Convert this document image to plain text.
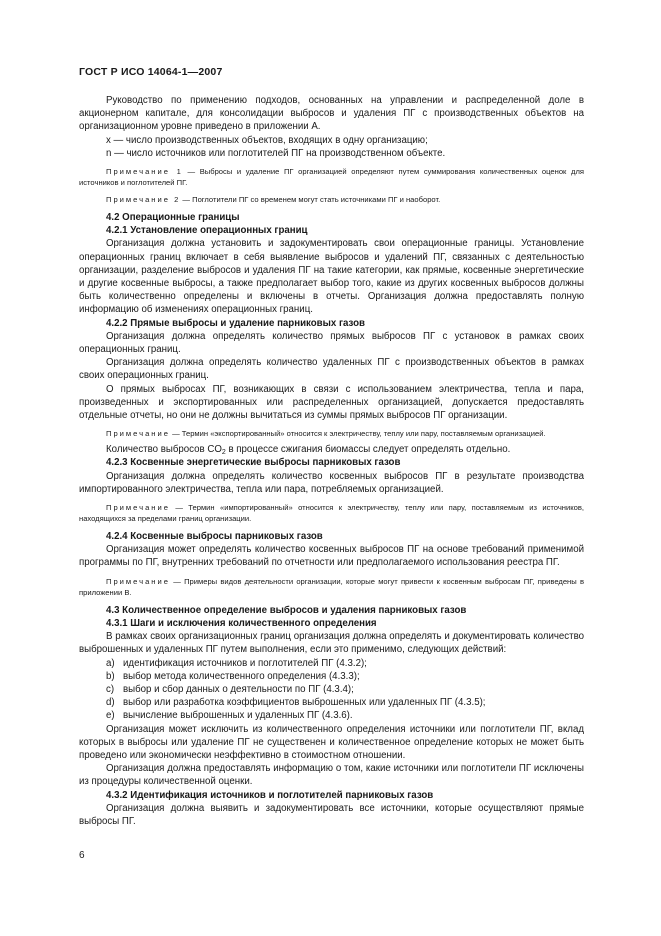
ГОСТ Р ИСО 14064-1—2007

Руководство по применению подходов, основанных на управлении и распределенной доле в акционерном капитале, для консолидации выбросов и удаления ПГ с производственных объектов на организационном уровне приведено в приложении А.

x — число производственных объектов, входящих в одну организацию;

n — число источников или поглотителей ПГ на производственном объекте.

Примечание 1 — Выбросы и удаление ПГ организацией определяют путем суммирования количественных оценок для источников и поглотителей ПГ.

Примечание 2 — Поглотители ПГ со временем могут стать источниками ПГ и наоборот.

4.2 Операционные границы

4.2.1 Установление операционных границ

Организация должна установить и задокументировать свои операционные границы. Установление операционных границ включает в себя выявление выбросов и удалений ПГ, связанных с деятельностью организации, разделение выбросов и удаления ПГ на такие категории, как прямые, косвенные энергетические и другие косвенные выбросы, а также предполагает выбор того, какие из других косвенных выбросов должны быть количественно определены и включены в отчеты. Организация должна предоставлять полную информацию об изменениях операционных границ.

4.2.2 Прямые выбросы и удаление парниковых газов

Организация должна определять количество прямых выбросов ПГ с установок в рамках своих операционных границ.

Организация должна определять количество удаленных ПГ с производственных объектов в рамках своих операционных границ.

О прямых выбросах ПГ, возникающих в связи с использованием электричества, тепла и пара, произведенных и экспортированных или распределенных организацией, допускается предоставлять отдельные отчеты, но они не должны вычитаться из суммы прямых выбросов ПГ организации.

Примечание — Термин «экспортированный» относится к электричеству, теплу или пару, поставляемым организацией.

Количество выбросов $CO_2$ в процессе сжигания биомассы следует определять отдельно.

4.2.3 Косвенные энергетические выбросы парниковых газов

Организация должна определять количество косвенных выбросов ПГ в результате производства импортированного электричества, тепла или пара, потребляемых организацией.

Примечание — Термин «импортированный» относится к электричеству, теплу или пару, поставляемым из источников, находящихся за пределами границ организации.

4.2.4 Косвенные выбросы парниковых газов

Организация может определять количество косвенных выбросов ПГ на основе требований применимой программы по ПГ, внутренних требований по отчетности или предполагаемого использования реестра ПГ.

Примечание — Примеры видов деятельности организации, которые могут привести к косвенным выбросам ПГ, приведены в приложении В.

4.3 Количественное определение выбросов и удаления парниковых газов

4.3.1 Шаги и исключения количественного определения

В рамках своих организационных границ организация должна определять и документировать количество выброшенных и удаленных ПГ путем выполнения, если это применимо, следующих действий:

a) идентификация источников и поглотителей ПГ (4.3.2);

b) выбор метода количественного определения (4.3.3);

c) выбор и сбор данных о деятельности по ПГ (4.3.4);

d) выбор или разработка коэффициентов выброшенных или удаленных ПГ (4.3.5);

e) вычисление выброшенных и удаленных ПГ (4.3.6).

Организация может исключить из количественного определения источники или поглотители ПГ, вклад которых в выбросы или удаление ПГ не существенен и количественное определение которых не может быть проведено или экономически неэффективно в стоимостном отношении.

Организация должна предоставлять информацию о том, какие источники или поглотители ПГ исключены из процедуры количественной оценки.

4.3.2 Идентификация источников и поглотителей парниковых газов

Организация должна выявить и задокументировать все источники, которые осуществляют прямые выбросы ПГ.

6
